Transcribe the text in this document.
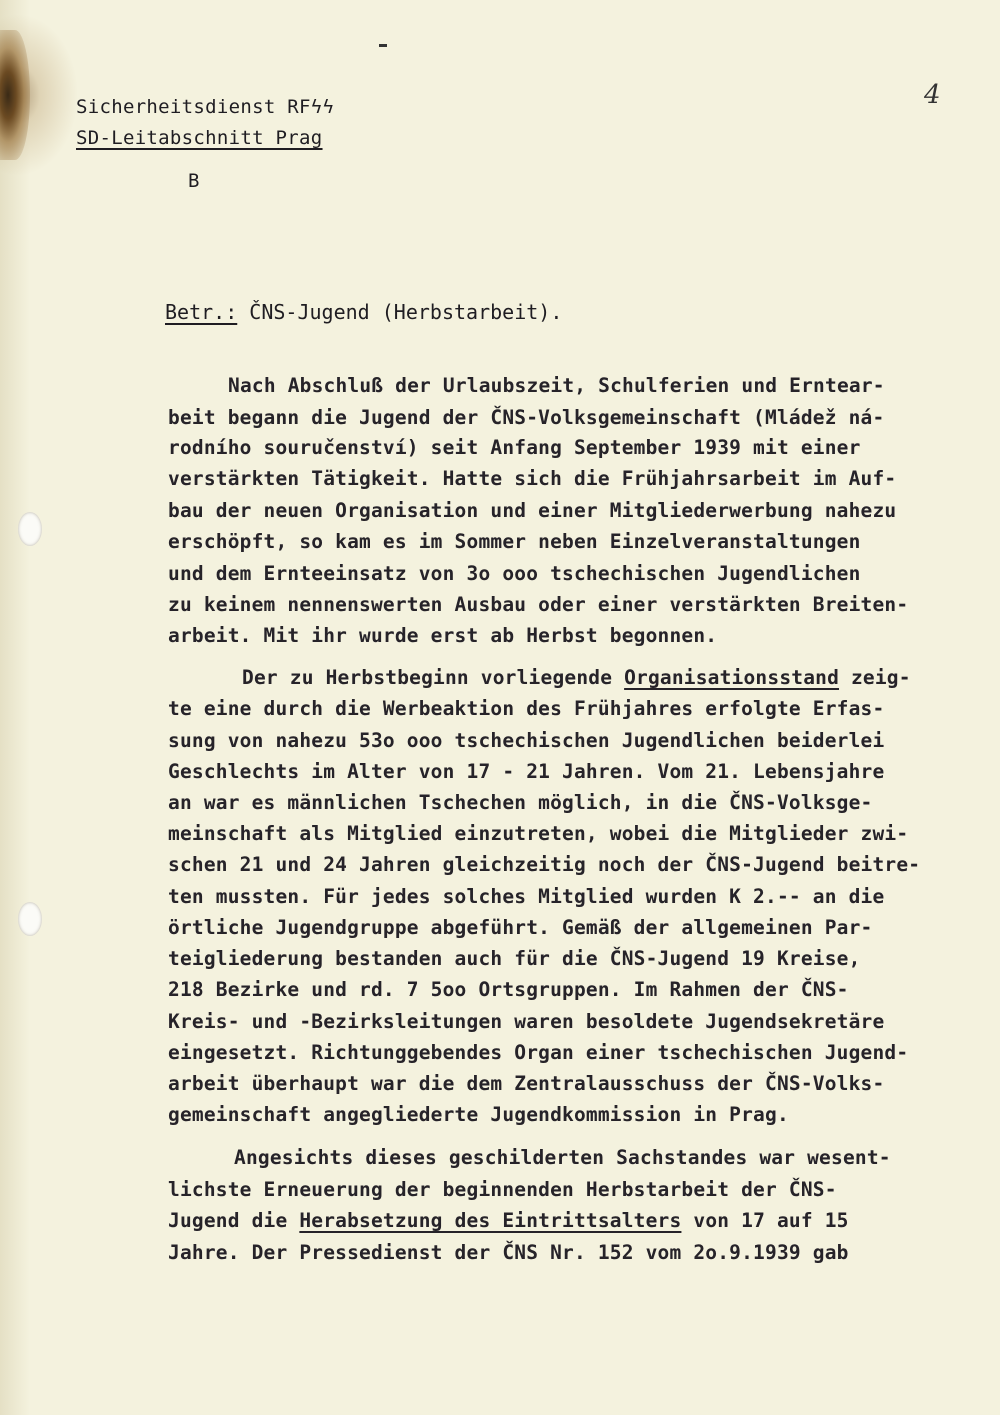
Sicherheitsdienst RFϟϟ
SD-Leitabschnitt Prag
B
4
Betr.: ČNS-Jugend (Herbstarbeit).
Nach Abschluß der Urlaubszeit, Schulferien und Erntear-
beit begann die Jugend der ČNS-Volksgemeinschaft (Mládež ná-
rodního souručenství) seit Anfang September 1939 mit einer
verstärkten Tätigkeit. Hatte sich die Frühjahrsarbeit im Auf-
bau der neuen Organisation und einer Mitgliederwerbung nahezu
erschöpft, so kam es im Sommer neben Einzelveranstaltungen
und dem Ernteeinsatz von 3o ooo tschechischen Jugendlichen
zu keinem nennenswerten Ausbau oder einer verstärkten Breiten-
arbeit. Mit ihr wurde erst ab Herbst begonnen.
Der zu Herbstbeginn vorliegende Organisationsstand zeig-
te eine durch die Werbeaktion des Frühjahres erfolgte Erfas-
sung von nahezu 53o ooo tschechischen Jugendlichen beiderlei
Geschlechts im Alter von 17 - 21 Jahren. Vom 21. Lebensjahre
an war es männlichen Tschechen möglich, in die ČNS-Volksge-
meinschaft als Mitglied einzutreten, wobei die Mitglieder zwi-
schen 21 und 24 Jahren gleichzeitig noch der ČNS-Jugend beitre-
ten mussten. Für jedes solches Mitglied wurden K 2.-- an die
örtliche Jugendgruppe abgeführt. Gemäß der allgemeinen Par-
teigliederung bestanden auch für die ČNS-Jugend 19 Kreise,
218 Bezirke und rd. 7 5oo Ortsgruppen. Im Rahmen der ČNS-
Kreis- und -Bezirksleitungen waren besoldete Jugendsekretäre
eingesetzt. Richtunggebendes Organ einer tschechischen Jugend-
arbeit überhaupt war die dem Zentralausschuss der ČNS-Volks-
gemeinschaft angegliederte Jugendkommission in Prag.
Angesichts dieses geschilderten Sachstandes war wesent-
lichste Erneuerung der beginnenden Herbstarbeit der ČNS-
Jugend die Herabsetzung des Eintrittsalters von 17 auf 15
Jahre. Der Pressedienst der ČNS Nr. 152 vom 2o.9.1939 gab
